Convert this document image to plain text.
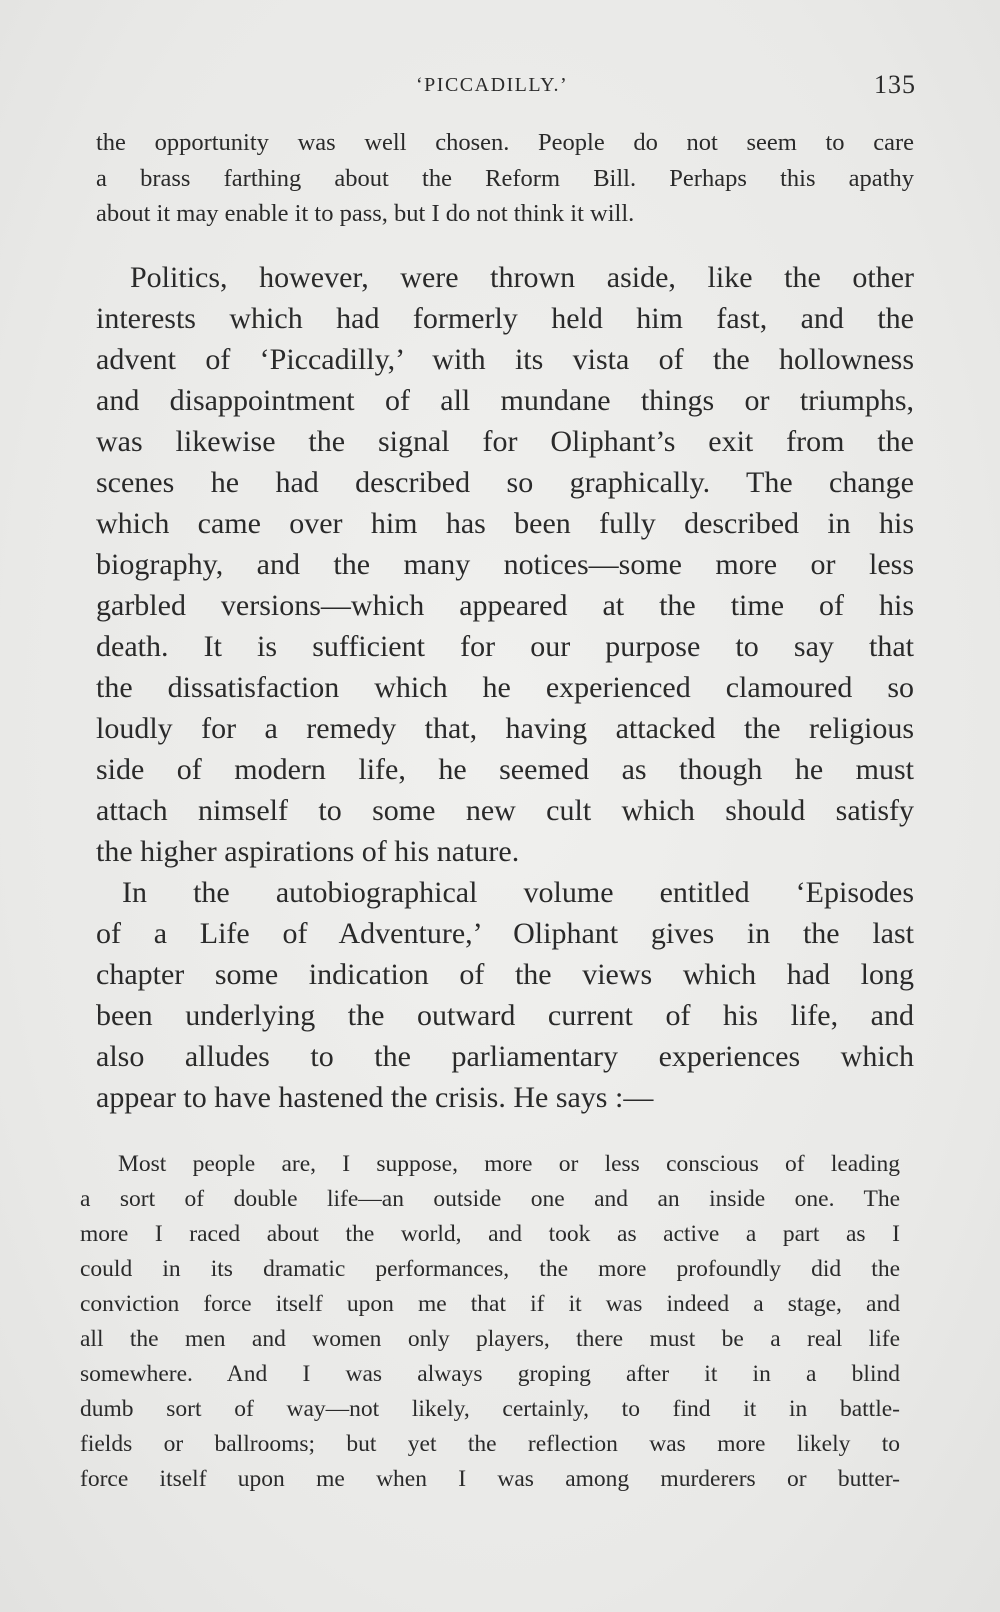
‘PICCADILLY.’	135
the opportunity was well chosen. People do not seem to care
a brass farthing about the Reform Bill. Perhaps this apathy
about it may enable it to pass, but I do not think it will.
Politics, however, were thrown aside, like the other
interests which had formerly held him fast, and the
advent of ‘Piccadilly,’ with its vista of the hollowness
and disappointment of all mundane things or triumphs,
was likewise the signal for Oliphant’s exit from the
scenes he had described so graphically. The change
which came over him has been fully described in his
biography, and the many notices—some more or less
garbled versions—which appeared at the time of his
death. It is sufficient for our purpose to say that
the dissatisfaction which he experienced clamoured so
loudly for a remedy that, having attacked the religious
side of modern life, he seemed as though he must
attach nimself to some new cult which should satisfy
the higher aspirations of his nature.
In the autobiographical volume entitled ‘Episodes
of a Life of Adventure,’ Oliphant gives in the last
chapter some indication of the views which had long
been underlying the outward current of his life, and
also alludes to the parliamentary experiences which
appear to have hastened the crisis. He says :—
Most people are, I suppose, more or less conscious of leading
a sort of double life—an outside one and an inside one. The
more I raced about the world, and took as active a part as I
could in its dramatic performances, the more profoundly did the
conviction force itself upon me that if it was indeed a stage, and
all the men and women only players, there must be a real life
somewhere. And I was always groping after it in a blind
dumb sort of way—not likely, certainly, to find it in battle-
fields or ballrooms; but yet the reflection was more likely to
force itself upon me when I was among murderers or butter-
